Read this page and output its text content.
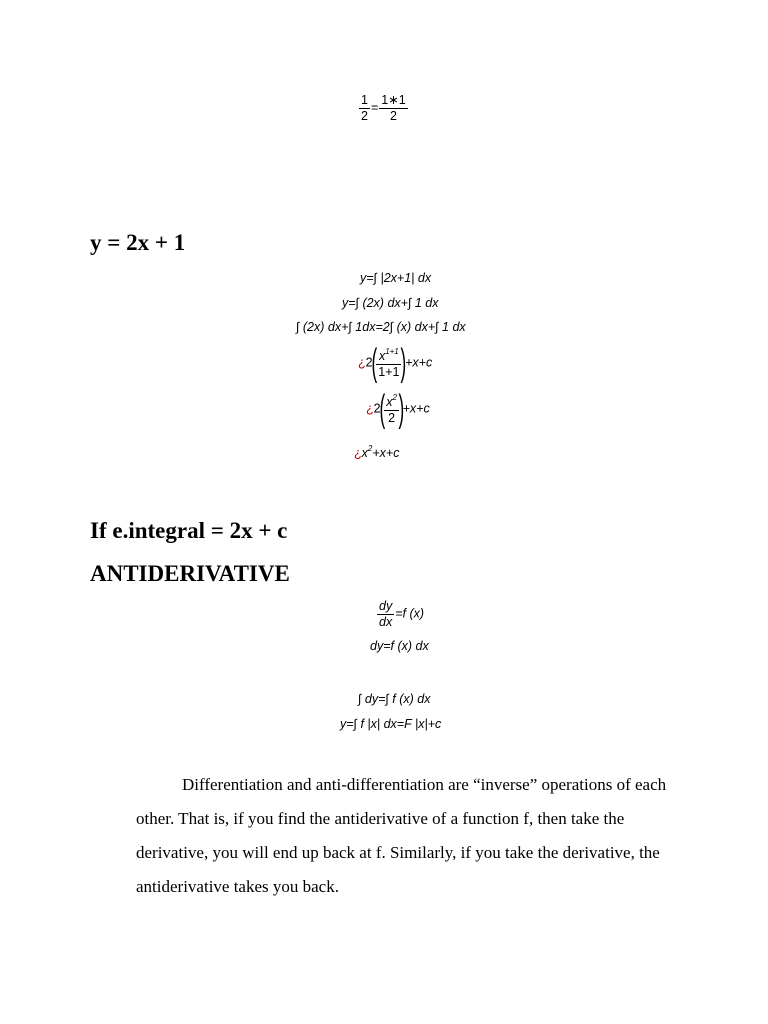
$\frac{1}{2} = \frac{1∗1}{2}$
y = 2x + 1
y=∫ |2x+1| dx
y=∫ (2x) dx+∫ 1 dx
∫ (2x) dx+∫ 1dx=2∫ (x) dx+∫ 1 dx
¿$2( \frac{x^{1+1}}{1+1} )+x+c$
¿$2( \frac{x^2}{2} )+x+c$
¿$x^2+x+c$
If e.integral = 2x + c
ANTIDERIVATIVE
$\frac{dy}{dx} =f$ (x)
dy=f (x) dx
∫ dy=∫ f (x) dx
y=∫ f |x| dx=F |x|+c
Differentiation and anti-differentiation are “inverse” operations of each other. That is, if you find the antiderivative of a function f, then take the derivative, you will end up back at f. Similarly, if you take the derivative, the antiderivative takes you back.
